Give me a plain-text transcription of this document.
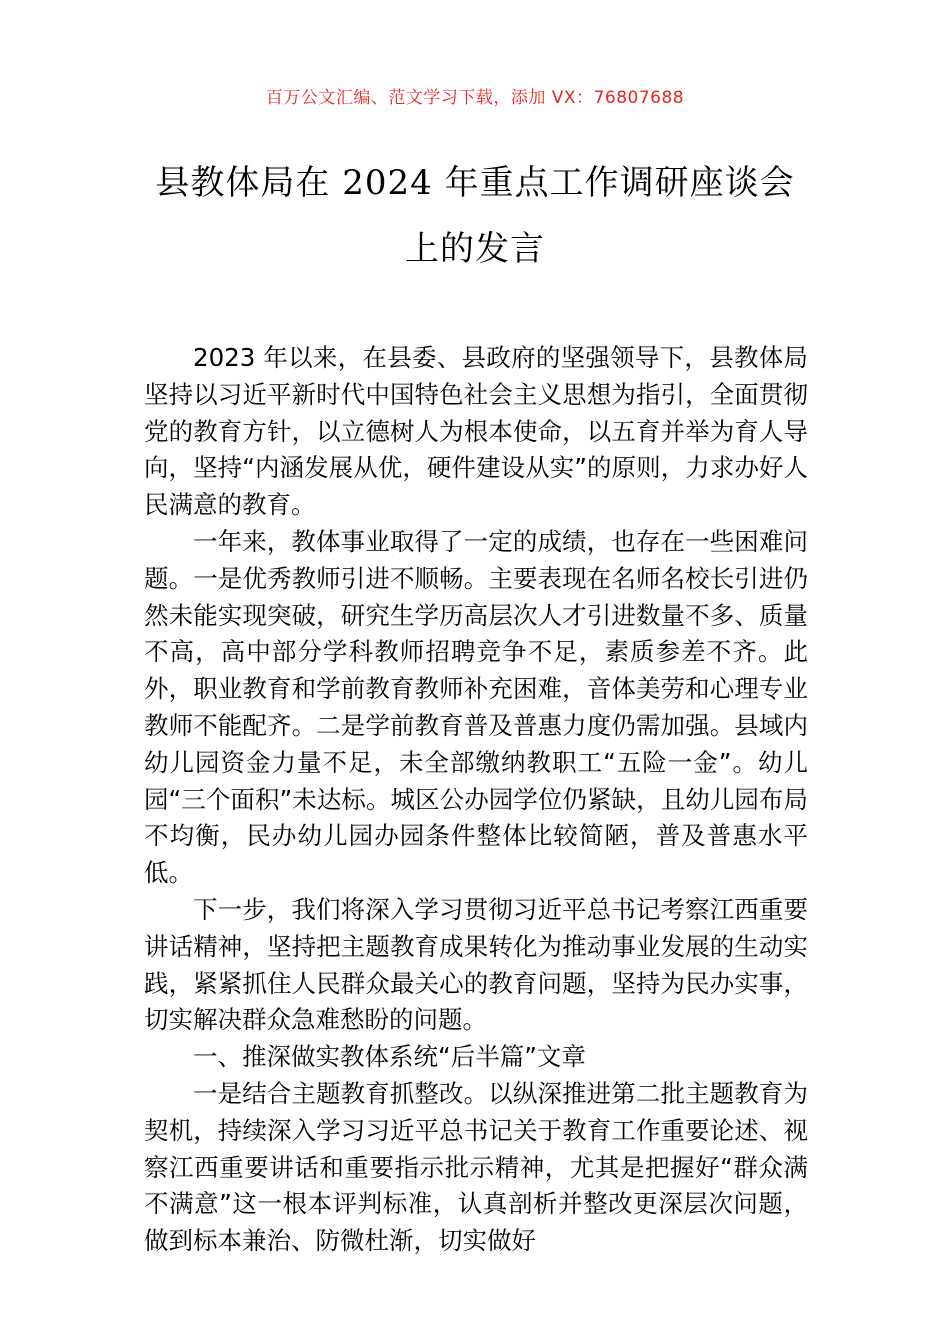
百万公文汇编、范文学习下载，添加 VX：76807688
县教体局在 2024 年重点工作调研座谈会上的发言

2023 年以来，在县委、县政府的坚强领导下，县教体局坚持以习近平新时代中国特色社会主义思想为指引，全面贯彻党的教育方针，以立德树人为根本使命，以五育并举为育人导向，坚持“内涵发展从优，硬件建设从实”的原则，力求办好人民满意的教育。

一年来，教体事业取得了一定的成绩，也存在一些困难问题。一是优秀教师引进不顺畅。主要表现在名师名校长引进仍然未能实现突破，研究生学历高层次人才引进数量不多、质量不高，高中部分学科教师招聘竞争不足，素质参差不齐。此外，职业教育和学前教育教师补充困难，音体美劳和心理专业教师不能配齐。二是学前教育普及普惠力度仍需加强。县域内幼儿园资金力量不足，未全部缴纳教职工“五险一金”。幼儿园“三个面积”未达标。城区公办园学位仍紧缺，且幼儿园布局不均衡，民办幼儿园办园条件整体比较简陋，普及普惠水平低。

下一步，我们将深入学习贯彻习近平总书记考察江西重要讲话精神，坚持把主题教育成果转化为推动事业发展的生动实践，紧紧抓住人民群众最关心的教育问题，坚持为民办实事，切实解决群众急难愁盼的问题。

一、推深做实教体系统“后半篇”文章

一是结合主题教育抓整改。以纵深推进第二批主题教育为契机，持续深入学习习近平总书记关于教育工作重要论述、视察江西重要讲话和重要指示批示精神，尤其是把握好“群众满不满意”这一根本评判标准，认真剖析并整改更深层次问题，做到标本兼治、防微杜渐，切实做好
